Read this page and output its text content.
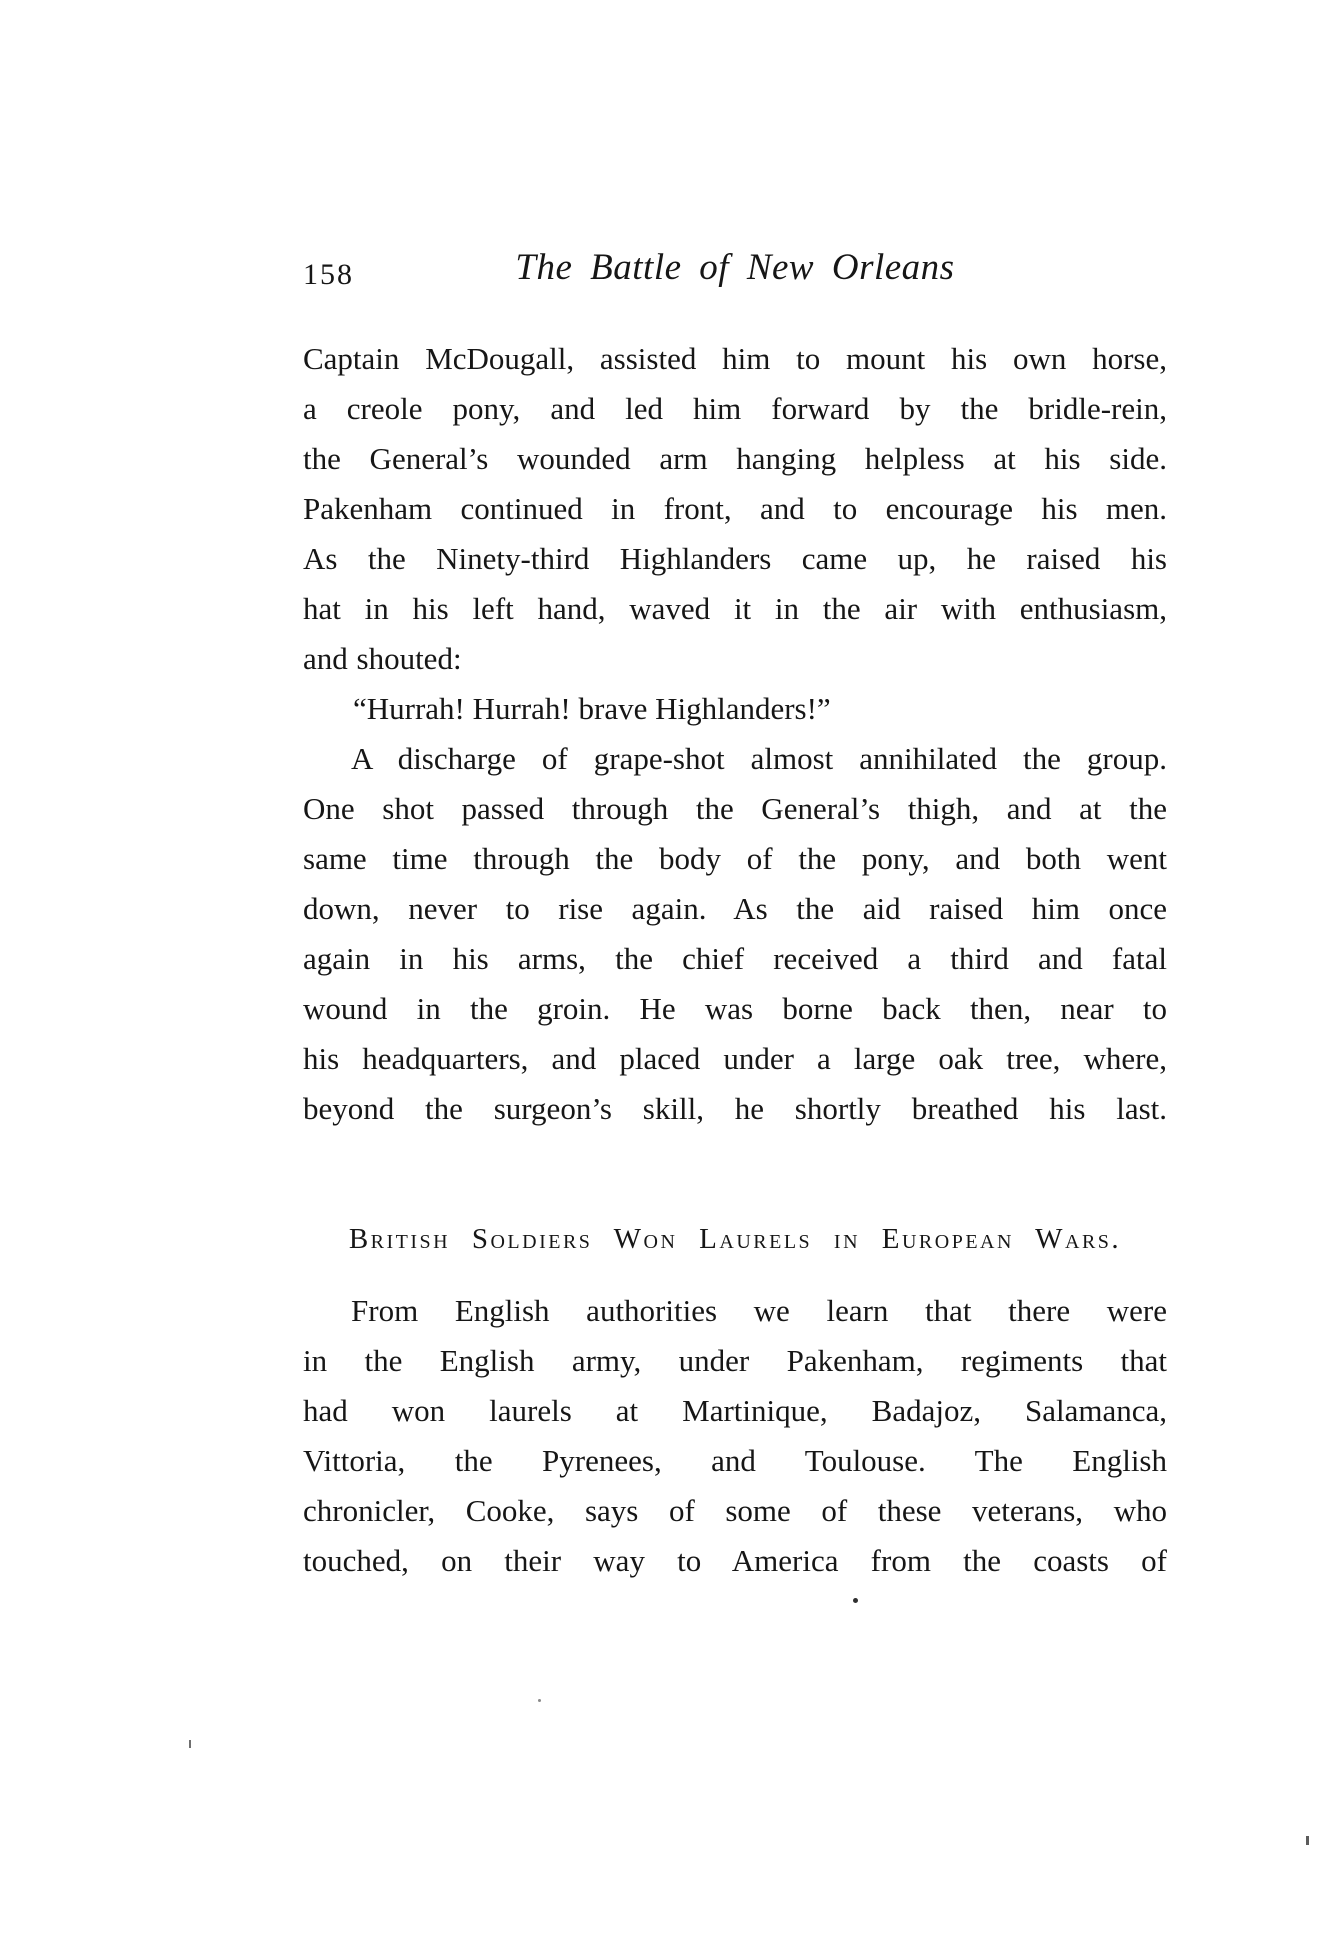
158	The Battle of New Orleans
Captain McDougall, assisted him to mount his own horse,
a creole pony, and led him forward by the bridle-rein,
the General’s wounded arm hanging helpless at his side.
Pakenham continued in front, and to encourage his men.
As the Ninety-third Highlanders came up, he raised his
hat in his left hand, waved it in the air with enthusiasm,
and shouted:
“Hurrah! Hurrah! brave Highlanders!”
A discharge of grape-shot almost annihilated the group.
One shot passed through the General’s thigh, and at the
same time through the body of the pony, and both went
down, never to rise again. As the aid raised him once
again in his arms, the chief received a third and fatal
wound in the groin. He was borne back then, near to
his headquarters, and placed under a large oak tree, where,
beyond the surgeon’s skill, he shortly breathed his last.
British Soldiers Won Laurels in European Wars.
From English authorities we learn that there were
in the English army, under Pakenham, regiments that
had won laurels at Martinique, Badajoz, Salamanca,
Vittoria, the Pyrenees, and Toulouse. The English
chronicler, Cooke, says of some of these veterans, who
touched, on their way to America from the coasts of
